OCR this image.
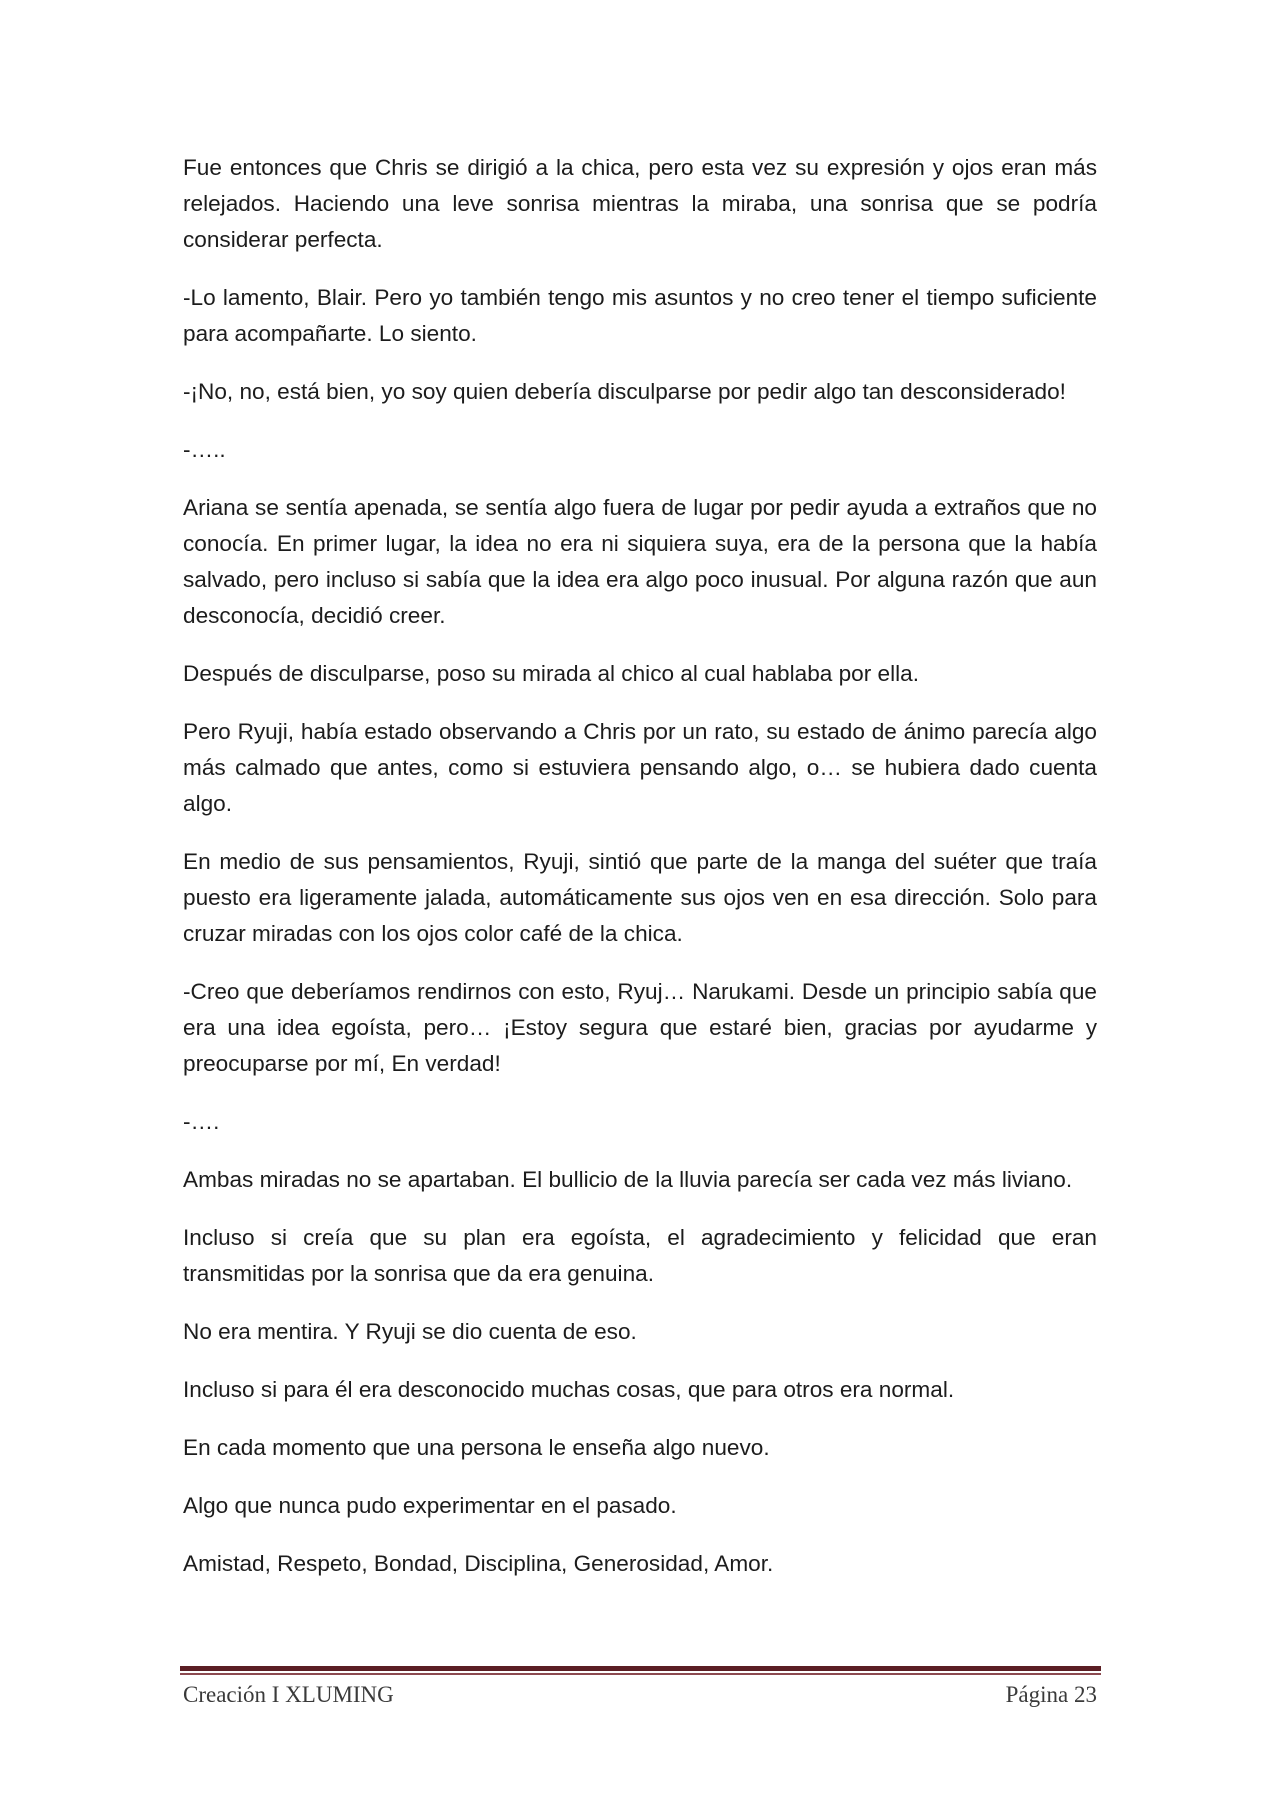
Fue entonces que Chris se dirigió a la chica, pero esta vez su expresión y ojos eran más relejados. Haciendo una leve sonrisa mientras la miraba, una sonrisa que se podría considerar perfecta.

-Lo lamento, Blair. Pero yo también tengo mis asuntos y no creo tener el tiempo suficiente para acompañarte. Lo siento.

-¡No, no, está bien, yo soy quien debería disculparse por pedir algo tan desconsiderado!

-…..

Ariana se sentía apenada, se sentía algo fuera de lugar por pedir ayuda a extraños que no conocía. En primer lugar, la idea no era ni siquiera suya, era de la persona que la había salvado, pero incluso si sabía que la idea era algo poco inusual. Por alguna razón que aun desconocía, decidió creer.

Después de disculparse, poso su mirada al chico al cual hablaba por ella.

Pero Ryuji, había estado observando a Chris por un rato, su estado de ánimo parecía algo más calmado que antes, como si estuviera pensando algo, o… se hubiera dado cuenta algo.

En medio de sus pensamientos, Ryuji, sintió que parte de la manga del suéter que traía puesto era ligeramente jalada, automáticamente sus ojos ven en esa dirección. Solo para cruzar miradas con los ojos color café de la chica.

-Creo que deberíamos rendirnos con esto, Ryuj… Narukami. Desde un principio sabía que era una idea egoísta, pero… ¡Estoy segura que estaré bien, gracias por ayudarme y preocuparse por mí, En verdad!

-….

Ambas miradas no se apartaban. El bullicio de la lluvia parecía ser cada vez más liviano.

Incluso si creía que su plan era egoísta, el agradecimiento y felicidad que eran transmitidas por la sonrisa que da era genuina.

No era mentira. Y Ryuji se dio cuenta de eso.

Incluso si para él era desconocido muchas cosas, que para otros era normal.

En cada momento que una persona le enseña algo nuevo.

Algo que nunca pudo experimentar en el pasado.

Amistad, Respeto, Bondad, Disciplina, Generosidad, Amor.

Creación I XLUMING	Página 23
